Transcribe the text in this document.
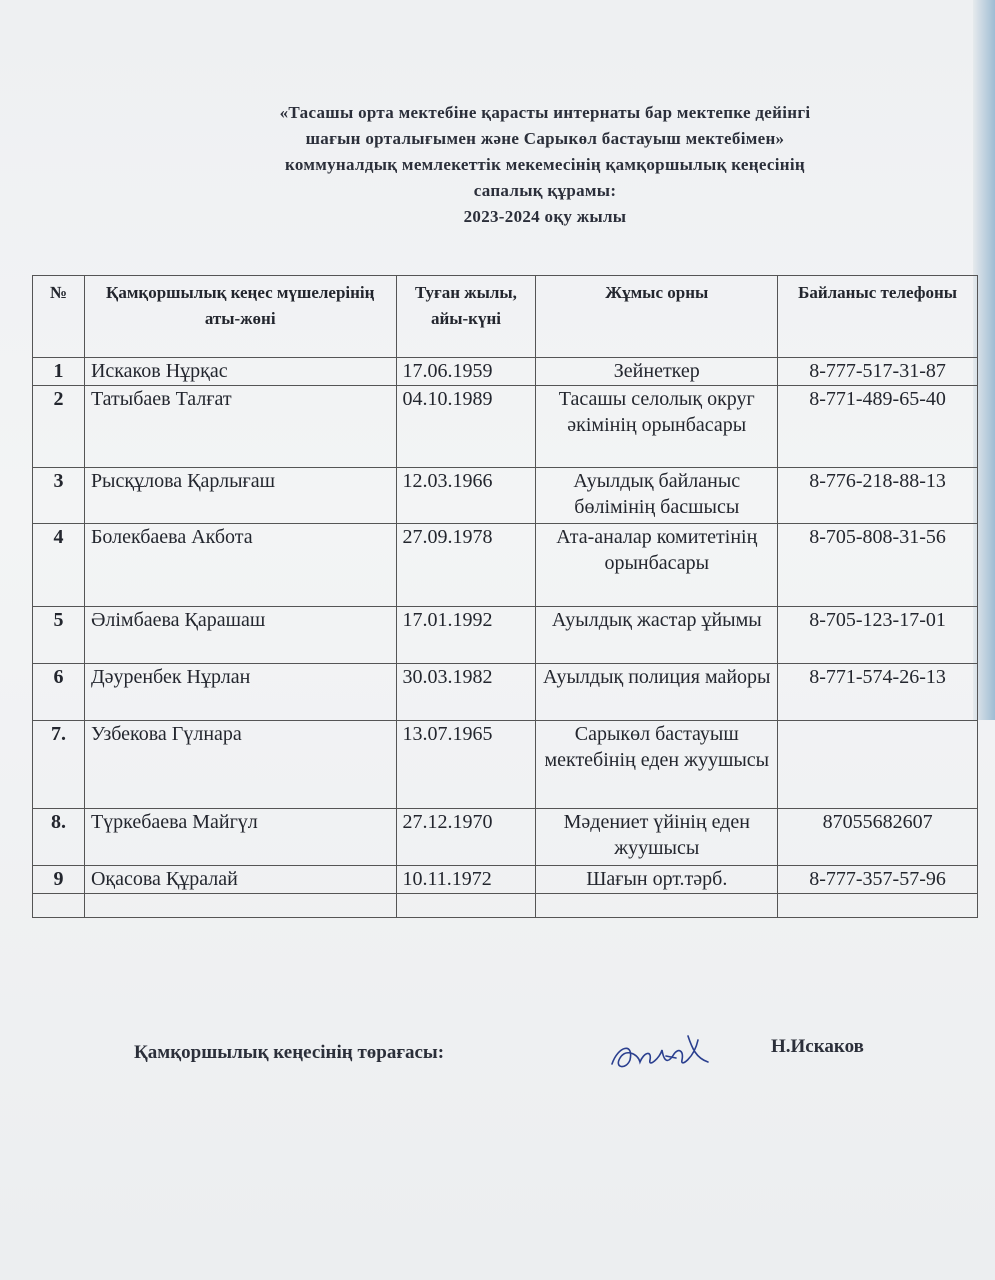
«Тасашы орта мектебіне қарасты интернаты бар мектепке дейінгі
шағын орталығымен және Сарыкөл бастауыш мектебімен»
коммуналдық мемлекеттік мекемесінің қамқоршылық кеңесінің
сапалық құрамы:
2023-2024 оқу жылы
№	Қамқоршылық кеңес мүшелерінің аты-жөні	Туған жылы, айы-күні	Жұмыс орны	Байланыс телефоны
1	Искаков Нұрқас	17.06.1959	Зейнеткер	8-777-517-31-87
2	Татыбаев Талғат	04.10.1989	Тасашы селолық округ әкімінің орынбасары	8-771-489-65-40
3	Рысқұлова Қарлығаш	12.03.1966	Ауылдық байланыс бөлімінің басшысы	8-776-218-88-13
4	Болекбаева Акбота	27.09.1978	Ата-аналар комитетінің орынбасары	8-705-808-31-56
5	Әлімбаева Қарашаш	17.01.1992	Ауылдық жастар ұйымы	8-705-123-17-01
6	Дәуренбек Нұрлан	30.03.1982	Ауылдық полиция майоры	8-771-574-26-13
7.	Узбекова Гүлнара	13.07.1965	Сарыкөл бастауыш мектебінің еден жуушысы	
8.	Түркебаева Майгүл	27.12.1970	Мәдениет үйінің еден жуушысы	87055682607
9	Оқасова Құралай	10.11.1972	Шағын орт.тәрб.	8-777-357-57-96

Қамқоршылық кеңесінің төрағасы:	Н.Искаков
